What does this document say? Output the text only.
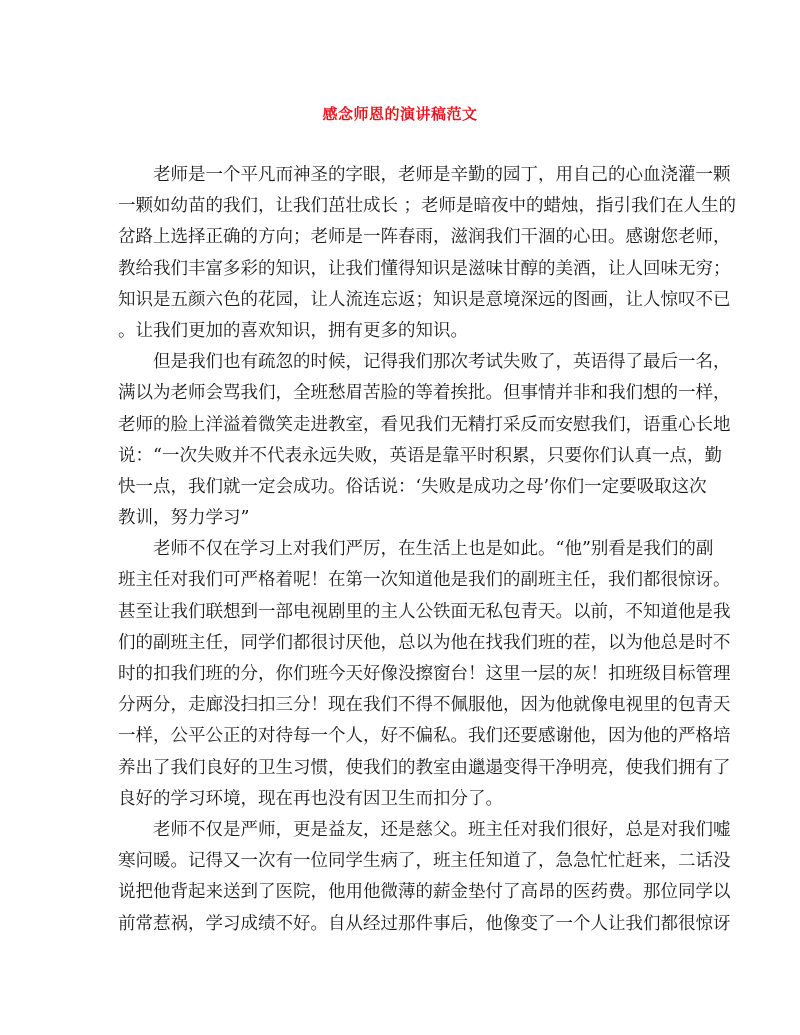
感念师恩的演讲稿范文
老师是一个平凡而神圣的字眼，老师是辛勤的园丁，用自己的心血浇灌一颗
一颗如幼苗的我们，让我们茁壮成长 ；老师是暗夜中的蜡烛，指引我们在人生的
岔路上选择正确的方向；老师是一阵春雨，滋润我们干涸的心田。感谢您老师，
教给我们丰富多彩的知识，让我们懂得知识是滋味甘醇的美酒，让人回味无穷；
知识是五颜六色的花园，让人流连忘返；知识是意境深远的图画，让人惊叹不已
。让我们更加的喜欢知识，拥有更多的知识。
但是我们也有疏忽的时候，记得我们那次考试失败了，英语得了最后一名，
满以为老师会骂我们，全班愁眉苦脸的等着挨批。但事情并非和我们想的一样，
老师的脸上洋溢着微笑走进教室，看见我们无精打采反而安慰我们，语重心长地
说：“一次失败并不代表永远失败，英语是靠平时积累，只要你们认真一点，勤
快一点，我们就一定会成功。俗话说：‘失败是成功之母’你们一定要吸取这次
教训，努力学习”
老师不仅在学习上对我们严厉，在生活上也是如此。“他”别看是我们的副
班主任对我们可严格着呢！在第一次知道他是我们的副班主任，我们都很惊讶。
甚至让我们联想到一部电视剧里的主人公铁面无私包青天。以前，不知道他是我
们的副班主任，同学们都很讨厌他，总以为他在找我们班的茬，以为他总是时不
时的扣我们班的分，你们班今天好像没擦窗台！这里一层的灰！扣班级目标管理
分两分，走廊没扫扣三分！现在我们不得不佩服他，因为他就像电视里的包青天
一样，公平公正的对待每一个人，好不偏私。我们还要感谢他，因为他的严格培
养出了我们良好的卫生习惯，使我们的教室由邋遢变得干净明亮，使我们拥有了
良好的学习环境，现在再也没有因卫生而扣分了。
老师不仅是严师，更是益友，还是慈父。班主任对我们很好，总是对我们嘘
寒问暖。记得又一次有一位同学生病了，班主任知道了，急急忙忙赶来，二话没
说把他背起来送到了医院，他用他微薄的薪金垫付了高昂的医药费。那位同学以
前常惹祸，学习成绩不好。自从经过那件事后，他像变了一个人让我们都很惊讶
